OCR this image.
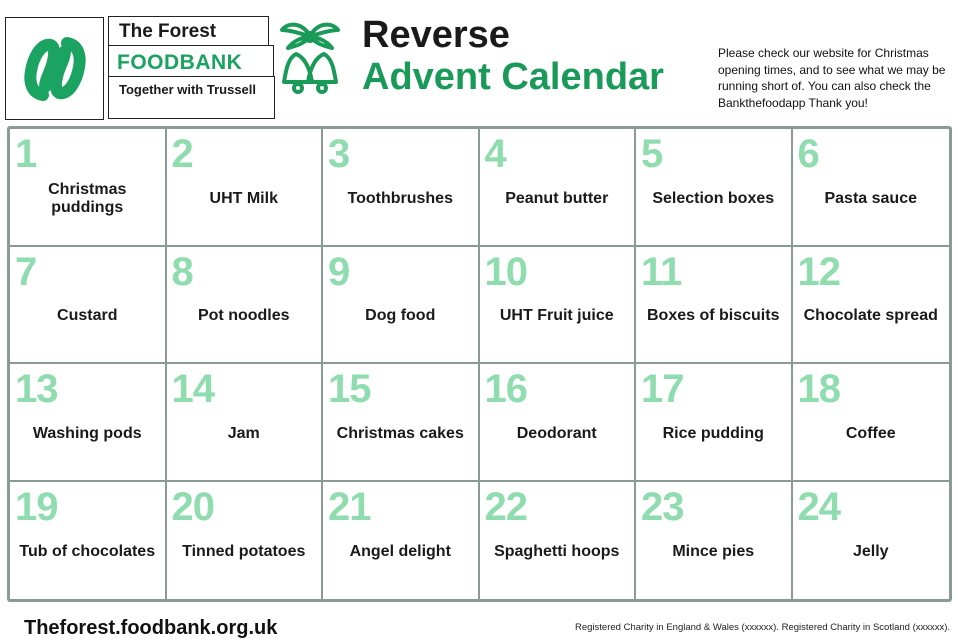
The Forest
FOODBANK
Together with Trussell
Reverse
Advent Calendar
Please check our website for Christmas opening times, and to see what we may be running short of. You can also check the Bankthefoodapp Thank you!
1
Christmas puddings
2
UHT Milk
3
Toothbrushes
4
Peanut butter
5
Selection boxes
6
Pasta sauce
7
Custard
8
Pot noodles
9
Dog food
10
UHT Fruit juice
11
Boxes of biscuits
12
Chocolate spread
13
Washing pods
14
Jam
15
Christmas cakes
16
Deodorant
17
Rice pudding
18
Coffee
19
Tub of chocolates
20
Tinned potatoes
21
Angel delight
22
Spaghetti hoops
23
Mince pies
24
Jelly
Theforest.foodbank.org.uk	Registered Charity in England & Wales (xxxxxx). Registered Charity in Scotland (xxxxxx).
